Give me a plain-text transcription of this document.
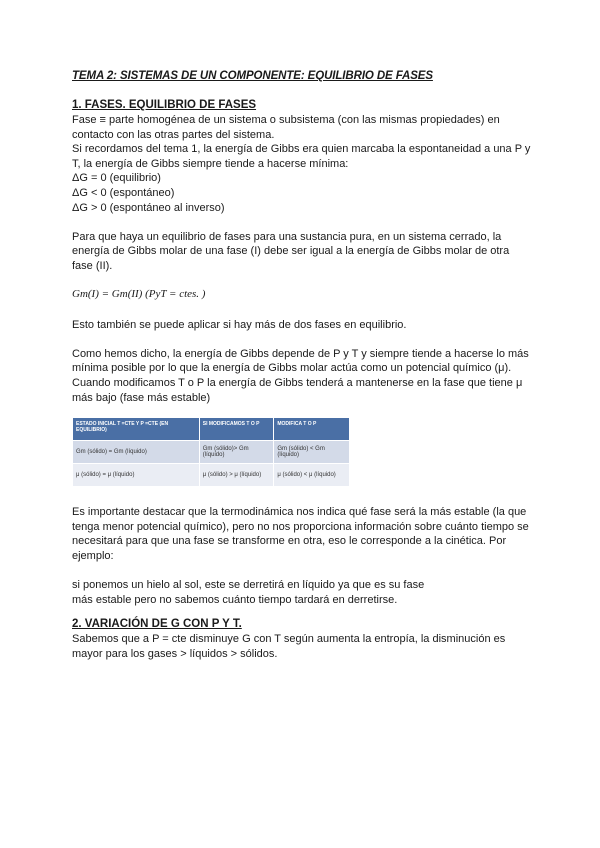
TEMA 2: SISTEMAS DE UN COMPONENTE: EQUILIBRIO DE FASES

1. FASES. EQUILIBRIO DE FASES

Fase ≡ parte homogénea de un sistema o subsistema (con las mismas propiedades) en contacto con las otras partes del sistema.

Si recordamos del tema 1, la energía de Gibbs era quien marcaba la espontaneidad a una P y T, la energía de Gibbs siempre tiende a hacerse mínima:

ΔG = 0 (equilibrio)

ΔG < 0 (espontáneo)

ΔG > 0 (espontáneo al inverso)

Para que haya un equilibrio de fases para una sustancia pura, en un sistema cerrado, la energía de Gibbs molar de una fase (I) debe ser igual a la energía de Gibbs molar de otra fase (II).

Gm(I) = Gm(II) (PyT = ctes. )

Esto también se puede aplicar si hay más de dos fases en equilibrio.

Como hemos dicho, la energía de Gibbs depende de P y T y siempre tiende a hacerse lo más mínima posible por lo que la energía de Gibbs molar actúa como un potencial químico (μ).

Cuando modificamos T o P la energía de Gibbs tenderá a mantenerse en la fase que tiene μ más bajo (fase más estable)

ESTADO INICIAL T =CTE Y P =CTE (EN EQUILIBRIO)	SI MODIFICAMOS T O P	MODIFICA T O P
Gm (sólido) = Gm (líquido)	Gm (sólido)> Gm (líquido)	Gm (sólido) < Gm (líquido)
μ (sólido) = μ (líquido)	μ (sólido) > μ (líquido)	μ (sólido) < μ (líquido)

Es importante destacar que la termodinámica nos indica qué fase será la más estable (la que tenga menor potencial químico), pero no nos proporciona información sobre cuánto tiempo se necesitará para que una fase se transforme en otra, eso le corresponde a la cinética. Por ejemplo:

si ponemos un hielo al sol, este se derretirá en líquido ya que es su fase

más estable pero no sabemos cuánto tiempo tardará en derretirse.

2. VARIACIÓN DE G CON P Y T.

Sabemos que a P = cte disminuye G con T según aumenta la entropía, la disminución es mayor para los gases > líquidos > sólidos.
